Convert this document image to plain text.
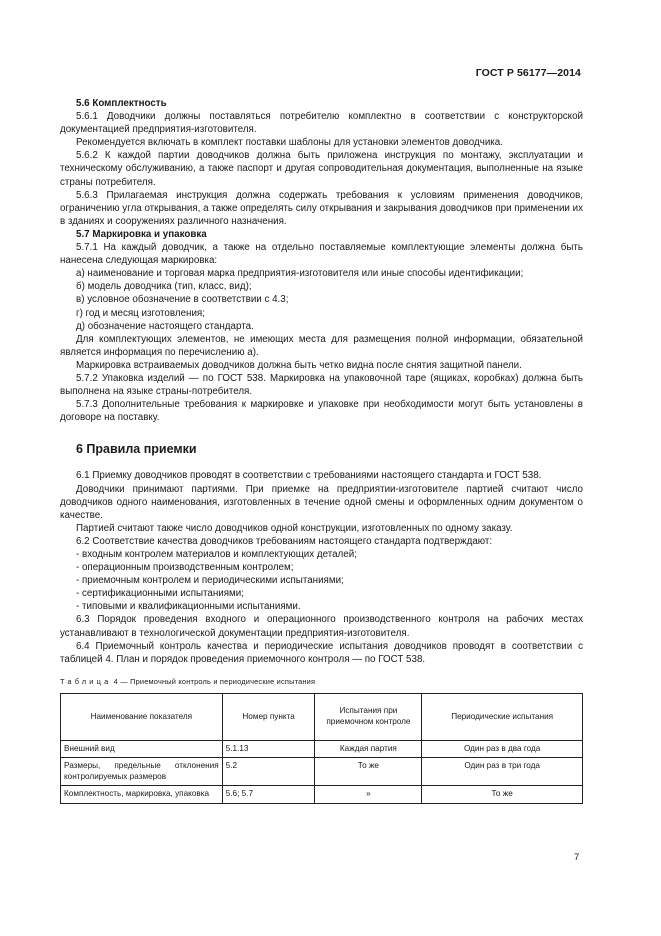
ГОСТ Р 56177—2014
5.6 Комплектность

5.6.1 Доводчики должны поставляться потребителю комплектно в соответствии с конструкторской документацией предприятия-изготовителя.

Рекомендуется включать в комплект поставки шаблоны для установки элементов доводчика.

5.6.2 К каждой партии доводчиков должна быть приложена инструкция по монтажу, эксплуатации и техническому обслуживанию, а также паспорт и другая сопроводительная документация, выполненные на языке страны потребителя.

5.6.3 Прилагаемая инструкция должна содержать требования к условиям применения доводчиков, ограничению угла открывания, а также определять силу открывания и закрывания доводчиков при применении их в зданиях и сооружениях различного назначения.

5.7 Маркировка и упаковка

5.7.1 На каждый доводчик, а также на отдельно поставляемые комплектующие элементы должна быть нанесена следующая маркировка:

а) наименование и торговая марка предприятия-изготовителя или иные способы идентификации;

б) модель доводчика (тип, класс, вид);

в) условное обозначение в соответствии с 4.3;

г) год и месяц изготовления;

д) обозначение настоящего стандарта.

Для комплектующих элементов, не имеющих места для размещения полной информации, обязательной является информация по перечислению а).

Маркировка встраиваемых доводчиков должна быть четко видна после снятия защитной панели.

5.7.2 Упаковка изделий — по ГОСТ 538. Маркировка на упаковочной таре (ящиках, коробках) должна быть выполнена на языке страны-потребителя.

5.7.3 Дополнительные требования к маркировке и упаковке при необходимости могут быть установлены в договоре на поставку.

6 Правила приемки

6.1 Приемку доводчиков проводят в соответствии с требованиями настоящего стандарта и ГОСТ 538.

Доводчики принимают партиями. При приемке на предприятии-изготовителе партией считают число доводчиков одного наименования, изготовленных в течение одной смены и оформленных одним документом о качестве.

Партией считают также число доводчиков одной конструкции, изготовленных по одному заказу.

6.2 Соответствие качества доводчиков требованиям настоящего стандарта подтверждают:

- входным контролем материалов и комплектующих деталей;

- операционным производственным контролем;

- приемочным контролем и периодическими испытаниями;

- сертификационными испытаниями;

- типовыми и квалификационными испытаниями.

6.3 Порядок проведения входного и операционного производственного контроля на рабочих местах устанавливают в технологической документации предприятия-изготовителя.

6.4 Приемочный контроль качества и периодические испытания доводчиков проводят в соответствии с таблицей 4. План и порядок проведения приемочного контроля — по ГОСТ 538.

Таблица 4 — Приемочный контроль и периодические испытания
Наименование показателя	Номер пункта	Испытания при приемочном контроле	Периодические испытания
Внешний вид	5.1.13	Каждая партия	Один раз в два года
Размеры, предельные отклонения контролируемых размеров	5.2	То же	Один раз в три года
Комплектность, маркировка, упаковка	5.6; 5.7	»	То же
7
